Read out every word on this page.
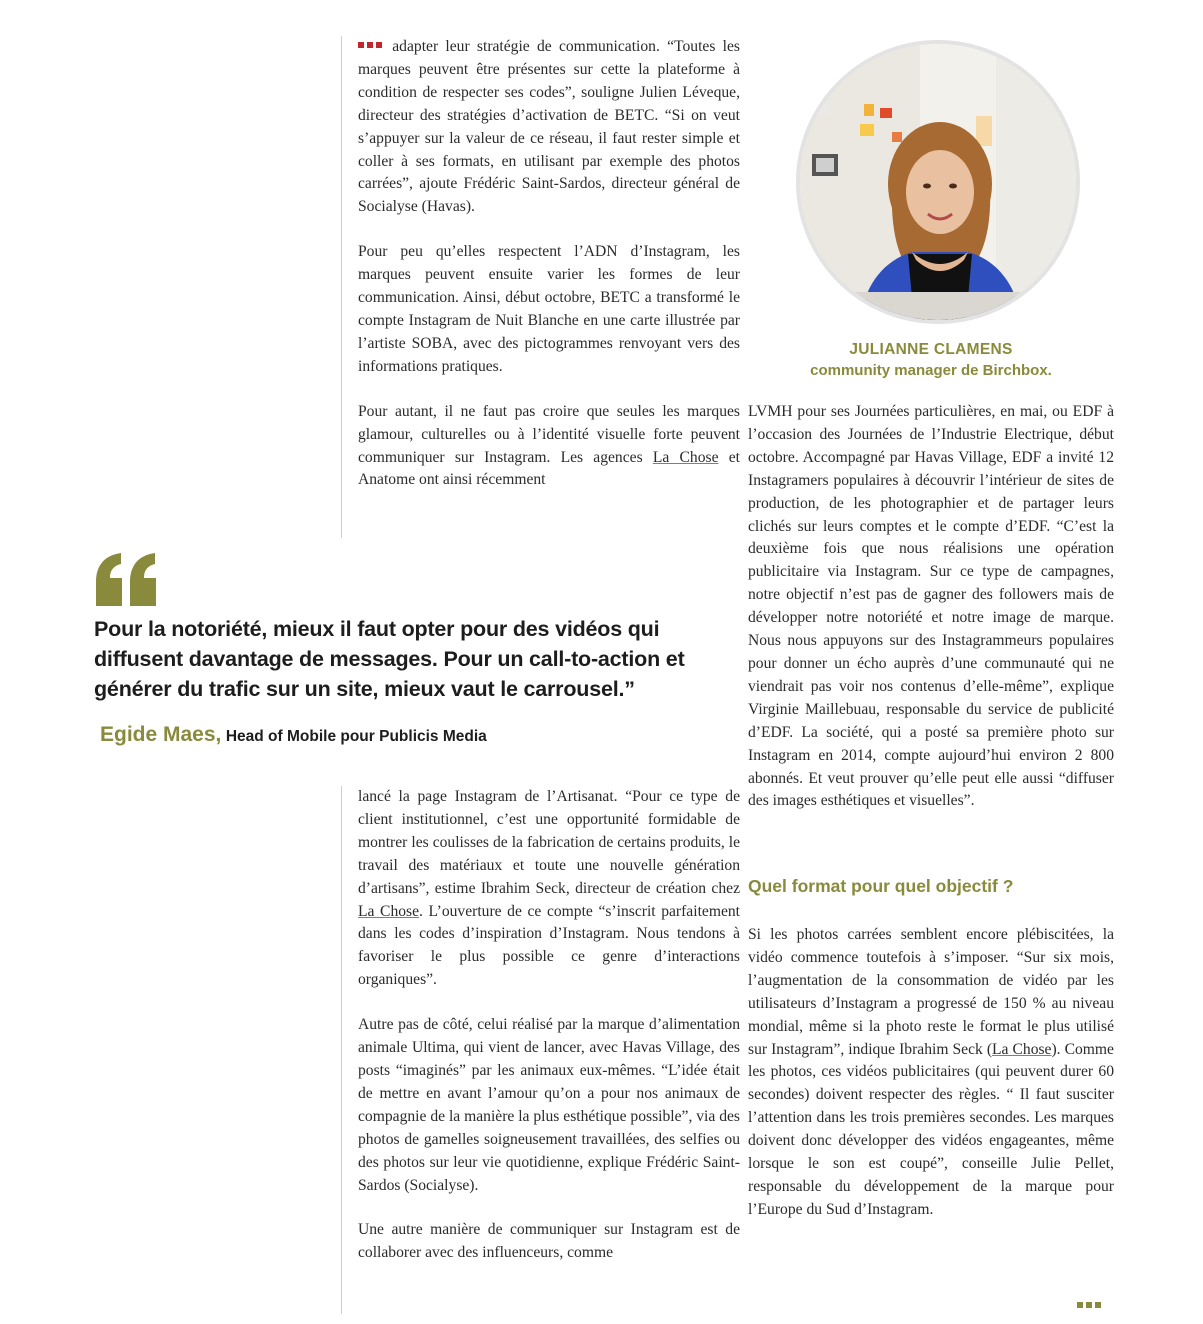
adapter leur stratégie de communication. “Toutes les marques peuvent être présentes sur cette la plateforme à condition de respecter ses codes”, souligne Julien Léveque, directeur des stratégies d’activation de BETC. “Si on veut s’appuyer sur la valeur de ce réseau, il faut rester simple et coller à ses formats, en utilisant par exemple des photos carrées”, ajoute Frédéric Saint-Sardos, directeur général de Socialyse (Havas).

Pour peu qu’elles respectent l’ADN d’Instagram, les marques peuvent ensuite varier les formes de leur communication. Ainsi, début octobre, BETC a transformé le compte Instagram de Nuit Blanche en une carte illustrée par l’artiste SOBA, avec des pictogrammes renvoyant vers des informations pratiques.

Pour autant, il ne faut pas croire que seules les marques glamour, culturelles ou à l’identité visuelle forte peuvent communiquer sur Instagram. Les agences La Chose et Anatome ont ainsi récemment

Pour la notoriété, mieux il faut opter pour des vidéos qui diffusent davantage de messages. Pour un call-to-action et générer du trafic sur un site, mieux vaut le carrousel.”
Egide Maes, Head of Mobile pour Publicis Media

lancé la page Instagram de l’Artisanat. “Pour ce type de client institutionnel, c’est une opportunité formidable de montrer les coulisses de la fabrication de certains produits, le travail des matériaux et toute une nouvelle génération d’artisans”, estime Ibrahim Seck, directeur de création chez La Chose. L’ouverture de ce compte “s’inscrit parfaitement dans les codes d’inspiration d’Instagram. Nous tendons à favoriser le plus possible ce genre d’interactions organiques”.

Autre pas de côté, celui réalisé par la marque d’alimentation animale Ultima, qui vient de lancer, avec Havas Village, des posts “imaginés” par les animaux eux-mêmes. “L’idée était de mettre en avant l’amour qu’on a pour nos animaux de compagnie de la manière la plus esthétique possible”, via des photos de gamelles soigneusement travaillées, des selfies ou des photos sur leur vie quotidienne, explique Frédéric Saint-Sardos (Socialyse).

Une autre manière de communiquer sur Instagram est de collaborer avec des influenceurs, comme

JULIANNE CLAMENS
community manager de Birchbox.

LVMH pour ses Journées particulières, en mai, ou EDF à l’occasion des Journées de l’Industrie Electrique, début octobre. Accompagné par Havas Village, EDF a invité 12 Instagramers populaires à découvrir l’intérieur de sites de production, de les photographier et de partager leurs clichés sur leurs comptes et le compte d’EDF. “C’est la deuxième fois que nous réalisions une opération publicitaire via Instagram. Sur ce type de campagnes, notre objectif n’est pas de gagner des followers mais de développer notre notoriété et notre image de marque. Nous nous appuyons sur des Instagrammeurs populaires pour donner un écho auprès d’une communauté qui ne viendrait pas voir nos contenus d’elle-même”, explique Virginie Maillebuau, responsable du service de publicité d’EDF. La société, qui a posté sa première photo sur Instagram en 2014, compte aujourd’hui environ 2 800 abonnés. Et veut prouver qu’elle peut elle aussi “diffuser des images esthétiques et visuelles”.

Quel format pour quel objectif ?

Si les photos carrées semblent encore plébiscitées, la vidéo commence toutefois à s’imposer. “Sur six mois, l’augmentation de la consommation de vidéo par les utilisateurs d’Instagram a progressé de 150 % au niveau mondial, même si la photo reste le format le plus utilisé sur Instagram”, indique Ibrahim Seck (La Chose). Comme les photos, ces vidéos publicitaires (qui peuvent durer 60 secondes) doivent respecter des règles. “ Il faut susciter l’attention dans les trois premières secondes. Les marques doivent donc développer des vidéos engageantes, même lorsque le son est coupé”, conseille Julie Pellet, responsable du développement de la marque pour l’Europe du Sud d’Instagram.
